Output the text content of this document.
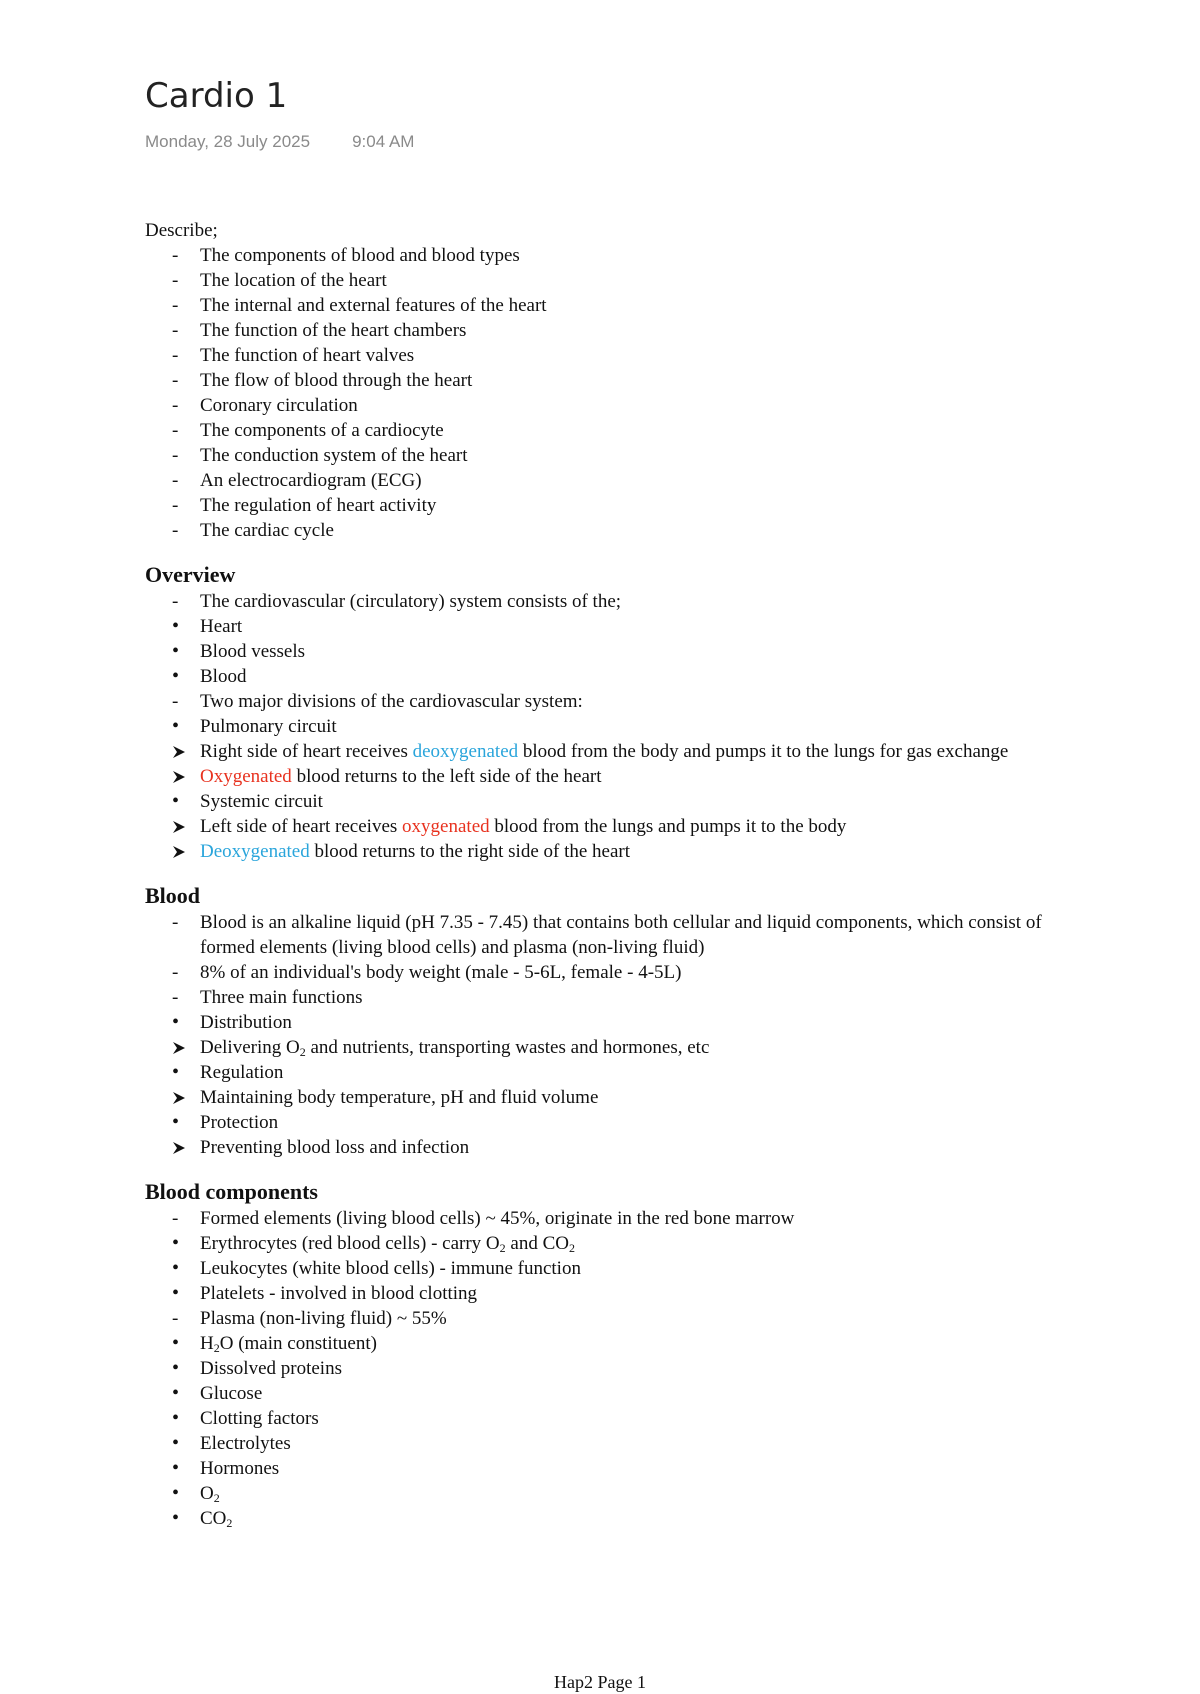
Cardio 1
Monday, 28 July 2025 9:04 AM

Describe;

-
The components of blood and blood types
-
The location of the heart
-
The internal and external features of the heart
-
The function of the heart chambers
-
The function of heart valves
-
The flow of blood through the heart
-
Coronary circulation
-
The components of a cardiocyte
-
The conduction system of the heart
-
An electrocardiogram (ECG)
-
The regulation of heart activity
-
The cardiac cycle
Overview
-
The cardiovascular (circulatory) system consists of the;
•
Heart
•
Blood vessels
•
Blood
-
Two major divisions of the cardiovascular system:
•
Pulmonary circuit
Right side of heart receives deoxygenated blood from the body and pumps it to the lungs for gas exchange
Oxygenated blood returns to the left side of the heart
•
Systemic circuit
Left side of heart receives oxygenated blood from the lungs and pumps it to the body
Deoxygenated blood returns to the right side of the heart
Blood
-
Blood is an alkaline liquid (pH 7.35 - 7.45) that contains both cellular and liquid components, which consist of formed elements (living blood cells) and plasma (non-living fluid)
-
8% of an individual's body weight (male - 5-6L, female - 4-5L)
-
Three main functions
•
Distribution
Delivering $O_2$ and nutrients, transporting wastes and hormones, etc
•
Regulation
Maintaining body temperature, pH and fluid volume
•
Protection
Preventing blood loss and infection
Blood components
-
Formed elements (living blood cells) ~ 45%, originate in the red bone marrow
•
Erythrocytes (red blood cells) - carry $O_2$ and $CO_2$
•
Leukocytes (white blood cells) - immune function
•
Platelets - involved in blood clotting
-
Plasma (non-living fluid) ~ 55%
•
$H_2O$ (main constituent)
•
Dissolved proteins
•
Glucose
•
Clotting factors
•
Electrolytes
•
Hormones
•
$O_2$
•
$CO_2$
Hap2 Page 1
